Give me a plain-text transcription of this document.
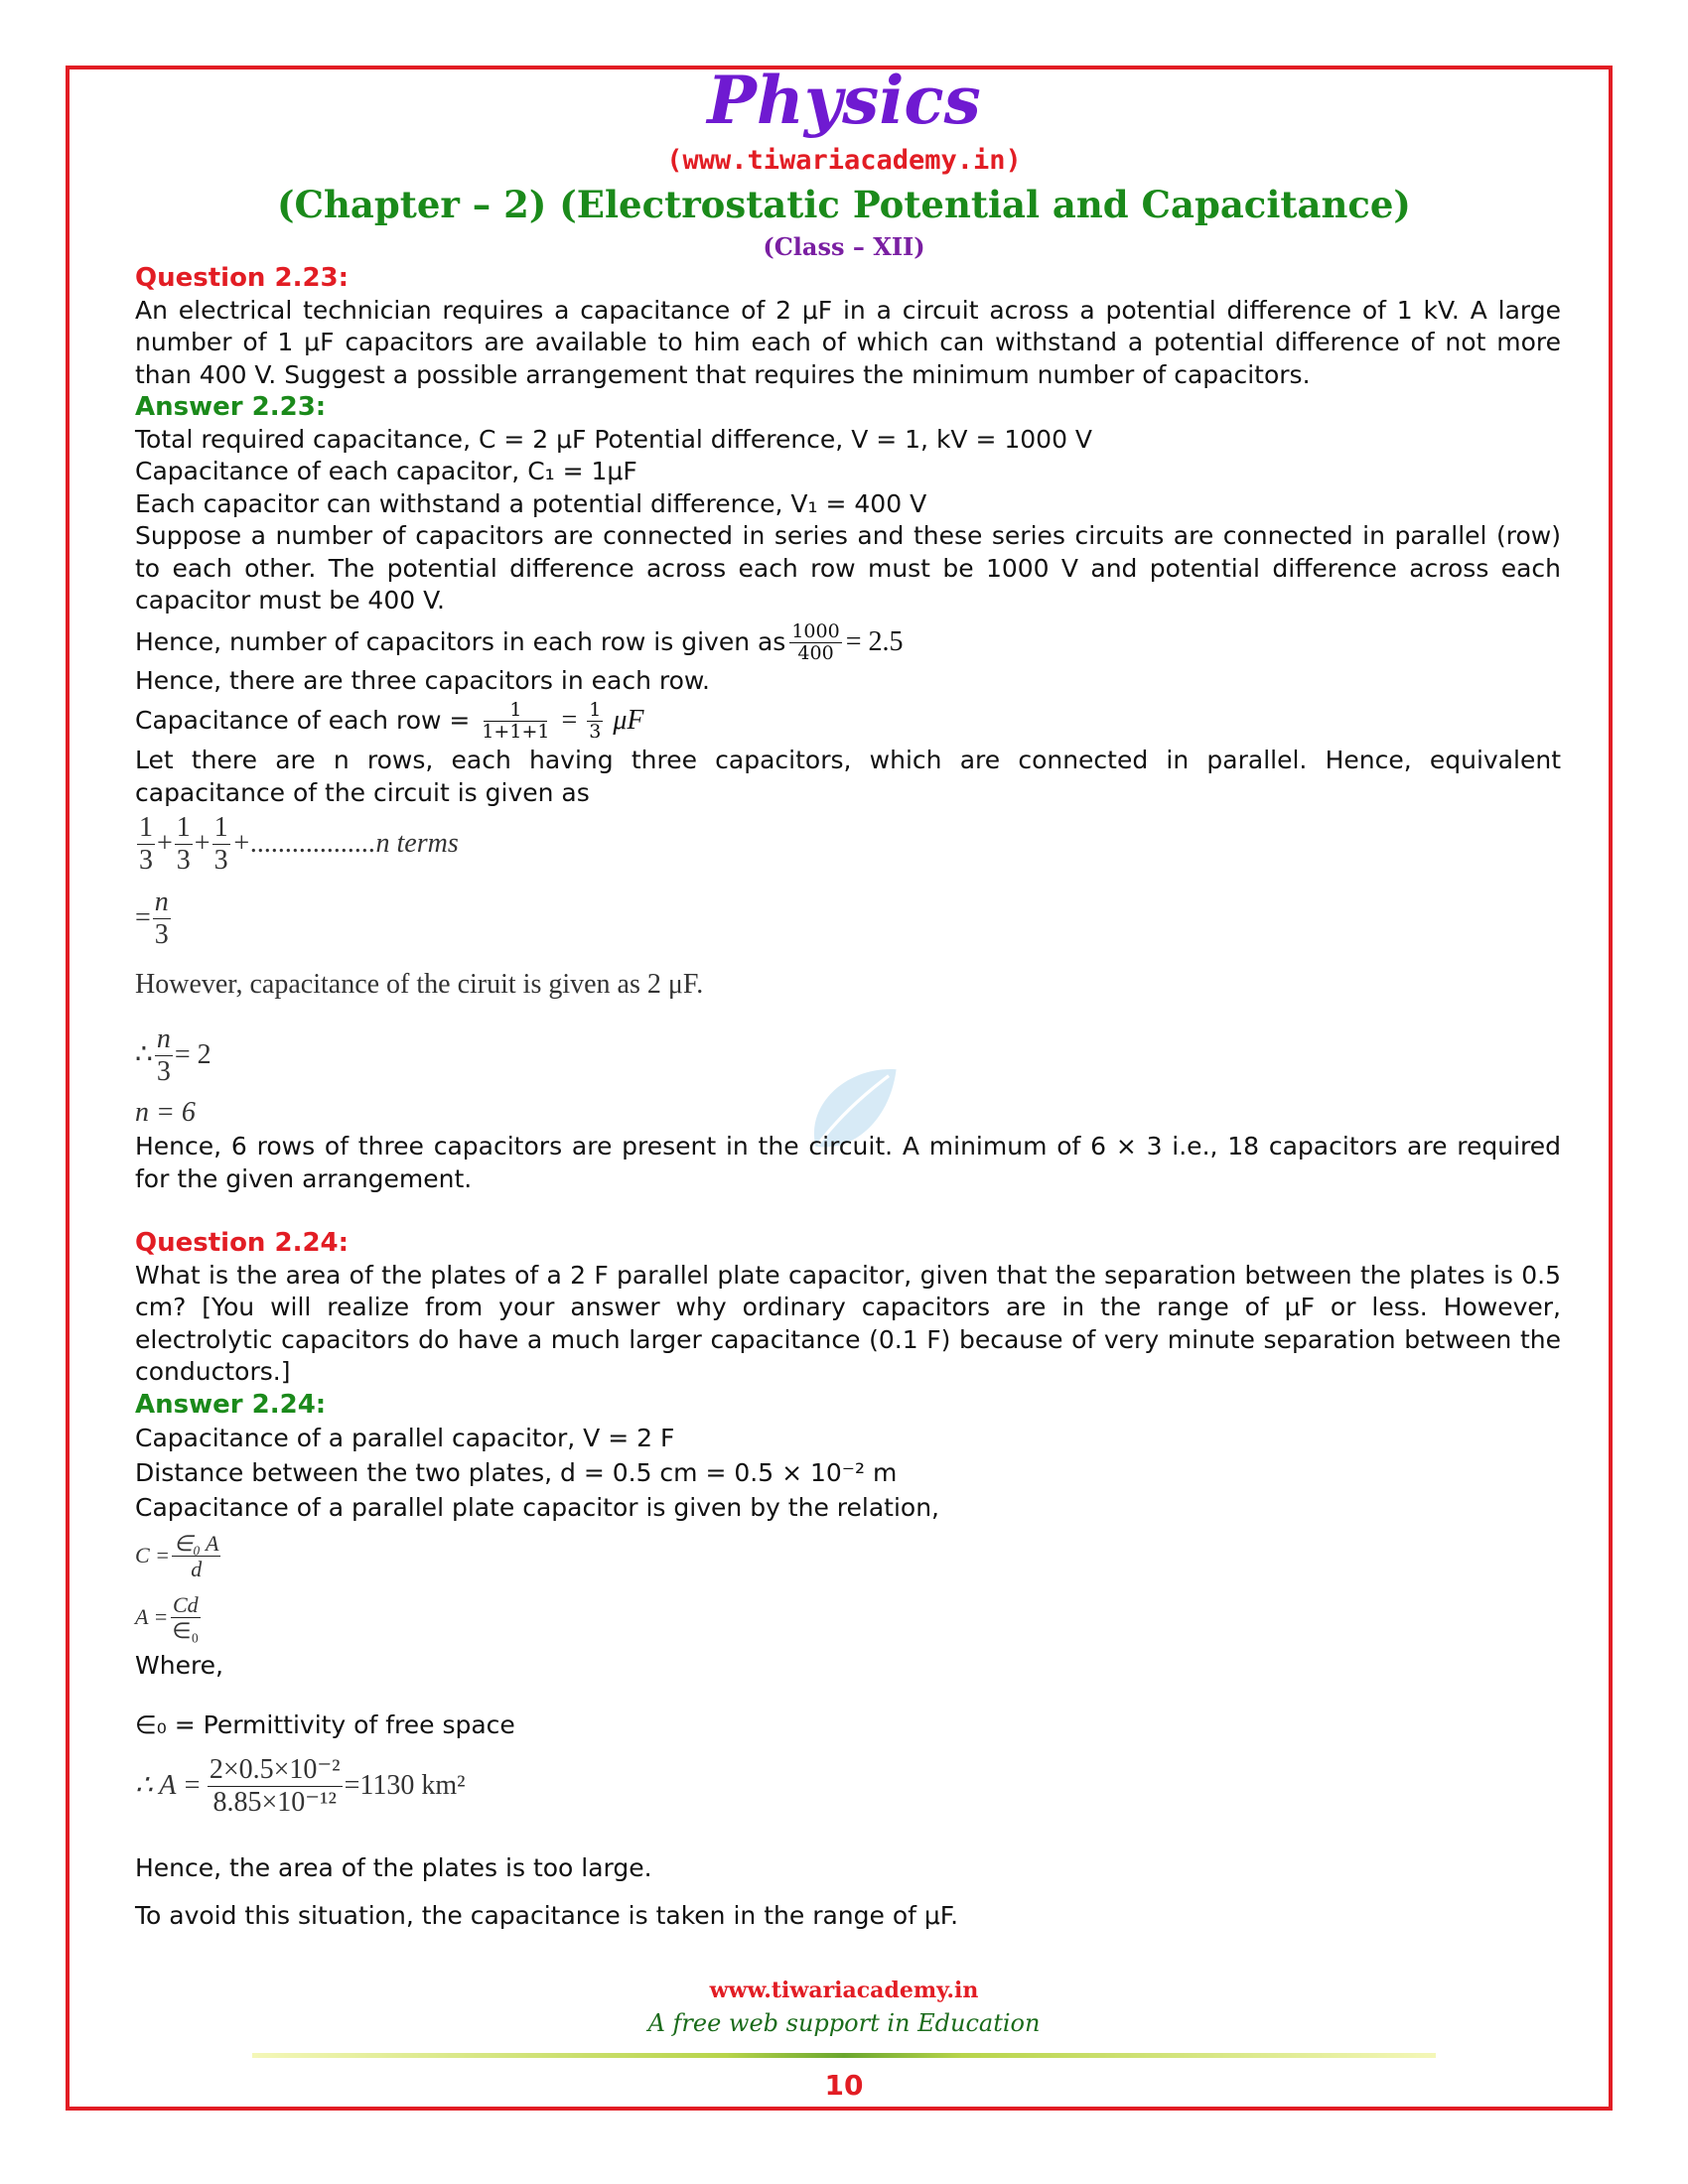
Physics
(www.tiwariacademy.in)
(Chapter – 2) (Electrostatic Potential and Capacitance)
(Class – XII)

Question 2.23:

An electrical technician requires a capacitance of 2 μF in a circuit across a potential difference of 1 kV. A large number of 1 μF capacitors are available to him each of which can withstand a potential difference of not more than 400 V. Suggest a possible arrangement that requires the minimum number of capacitors.

Answer 2.23:

Total required capacitance, C = 2 μF Potential difference, V = 1, kV = 1000 V

Capacitance of each capacitor, C₁ = 1μF

Each capacitor can withstand a potential difference, V₁ = 400 V

Suppose a number of capacitors are connected in series and these series circuits are connected in parallel (row) to each other. The potential difference across each row must be 1000 V and potential difference across each capacitor must be 400 V.

Hence, number of capacitors in each row is given as $\frac{1000}{400} = 2.5$

Hence, there are three capacitors in each row.

Capacitance of each row = $\frac{1}{1+1+1} = \frac{1}{3}$ μF

Let there are n rows, each having three capacitors, which are connected in parallel. Hence, equivalent capacitance of the circuit is given as

$\frac{1}{3} + \frac{1}{3} + \frac{1}{3} +..................n$ terms
= $\frac{n}{3}$

However, capacitance of the ciruit is given as 2 μF.

∴ $\frac{n}{3} = 2$

n = 6

Hence, 6 rows of three capacitors are present in the circuit. A minimum of 6 × 3 i.e., 18 capacitors are required for the given arrangement.

Question 2.24:

What is the area of the plates of a 2 F parallel plate capacitor, given that the separation between the plates is 0.5 cm? [You will realize from your answer why ordinary capacitors are in the range of μF or less. However, electrolytic capacitors do have a much larger capacitance (0.1 F) because of very minute separation between the conductors.]

Answer 2.24:

Capacitance of a parallel capacitor, V = 2 F

Distance between the two plates, d = 0.5 cm = 0.5 × 10⁻² m

Capacitance of a parallel plate capacitor is given by the relation,

$C = \frac{\text{∈₀ A}}{d}$
A = Cd
∈₀

Where,

∈₀ = Permittivity of free space

∴ $A = \frac{\text{2×0.5×10⁻²}}{\text{8.85×10⁻¹²}} =1130$ km²

Hence, the area of the plates is too large.

To avoid this situation, the capacitance is taken in the range of μF.

www.tiwariacademy.in
A free web support in Education
10
